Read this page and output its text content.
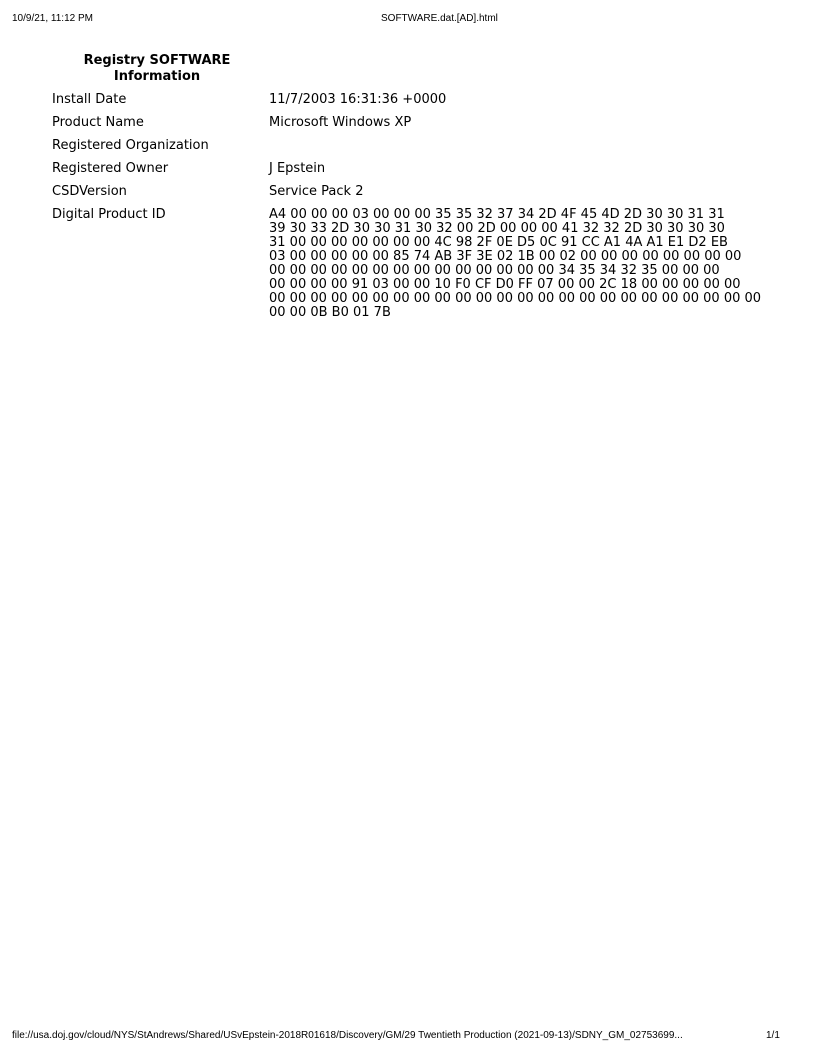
10/9/21, 11:12 PM	SOFTWARE.dat.[AD].html
Registry SOFTWARE
Information
Install Date	11/7/2003 16:31:36 +0000
Product Name	Microsoft Windows XP
Registered Organization
Registered Owner	J Epstein
CSDVersion	Service Pack 2
Digital Product ID	A4 00 00 00 03 00 00 00 35 35 32 37 34 2D 4F 45 4D 2D 30 30 31 31
39 30 33 2D 30 30 31 30 32 00 2D 00 00 00 41 32 32 2D 30 30 30 30
31 00 00 00 00 00 00 00 4C 98 2F 0E D5 0C 91 CC A1 4A A1 E1 D2 EB
03 00 00 00 00 00 85 74 AB 3F 3E 02 1B 00 02 00 00 00 00 00 00 00 00
00 00 00 00 00 00 00 00 00 00 00 00 00 00 34 35 34 32 35 00 00 00
00 00 00 00 91 03 00 00 10 F0 CF D0 FF 07 00 00 2C 18 00 00 00 00 00
00 00 00 00 00 00 00 00 00 00 00 00 00 00 00 00 00 00 00 00 00 00 00 00
00 00 0B B0 01 7B
file://usa.doj.gov/cloud/NYS/StAndrews/Shared/USvEpstein-2018R01618/Discovery/GM/29 Twentieth Production (2021-09-13)/SDNY_GM_02753699...	1/1
